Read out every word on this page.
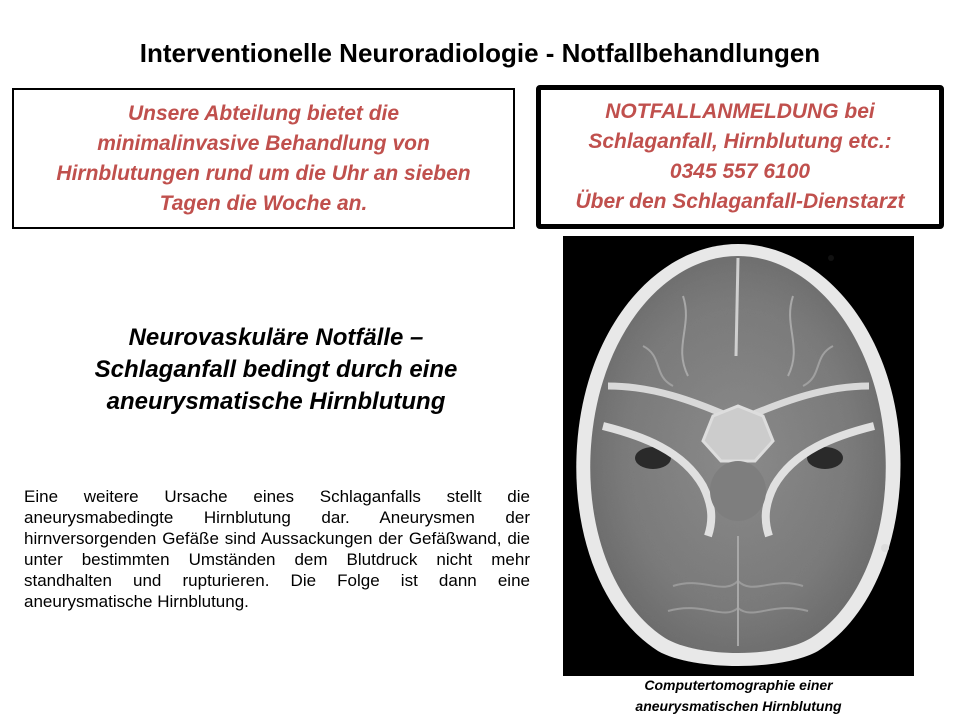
Interventionelle Neuroradiologie - Notfallbehandlungen
Unsere Abteilung bietet die
minimalinvasive Behandlung von
Hirnblutungen rund um die Uhr an sieben
Tagen die Woche an.
NOTFALLANMELDUNG bei
Schlaganfall, Hirnblutung etc.:
0345 557 6100
Über den Schlaganfall-Dienstarzt
Neurovaskuläre Notfälle –
Schlaganfall bedingt durch eine
aneurysmatische Hirnblutung
Eine weitere Ursache eines Schlaganfalls stellt die aneurysmabedingte Hirnblutung dar. Aneurysmen der hirnversorgenden Gefäße sind Aussackungen der Gefäßwand, die unter bestimmten Umständen dem Blutdruck nicht mehr standhalten und rupturieren. Die Folge ist dann eine aneurysmatische Hirnblutung.
Computertomographie einer
aneurysmatischen Hirnblutung
